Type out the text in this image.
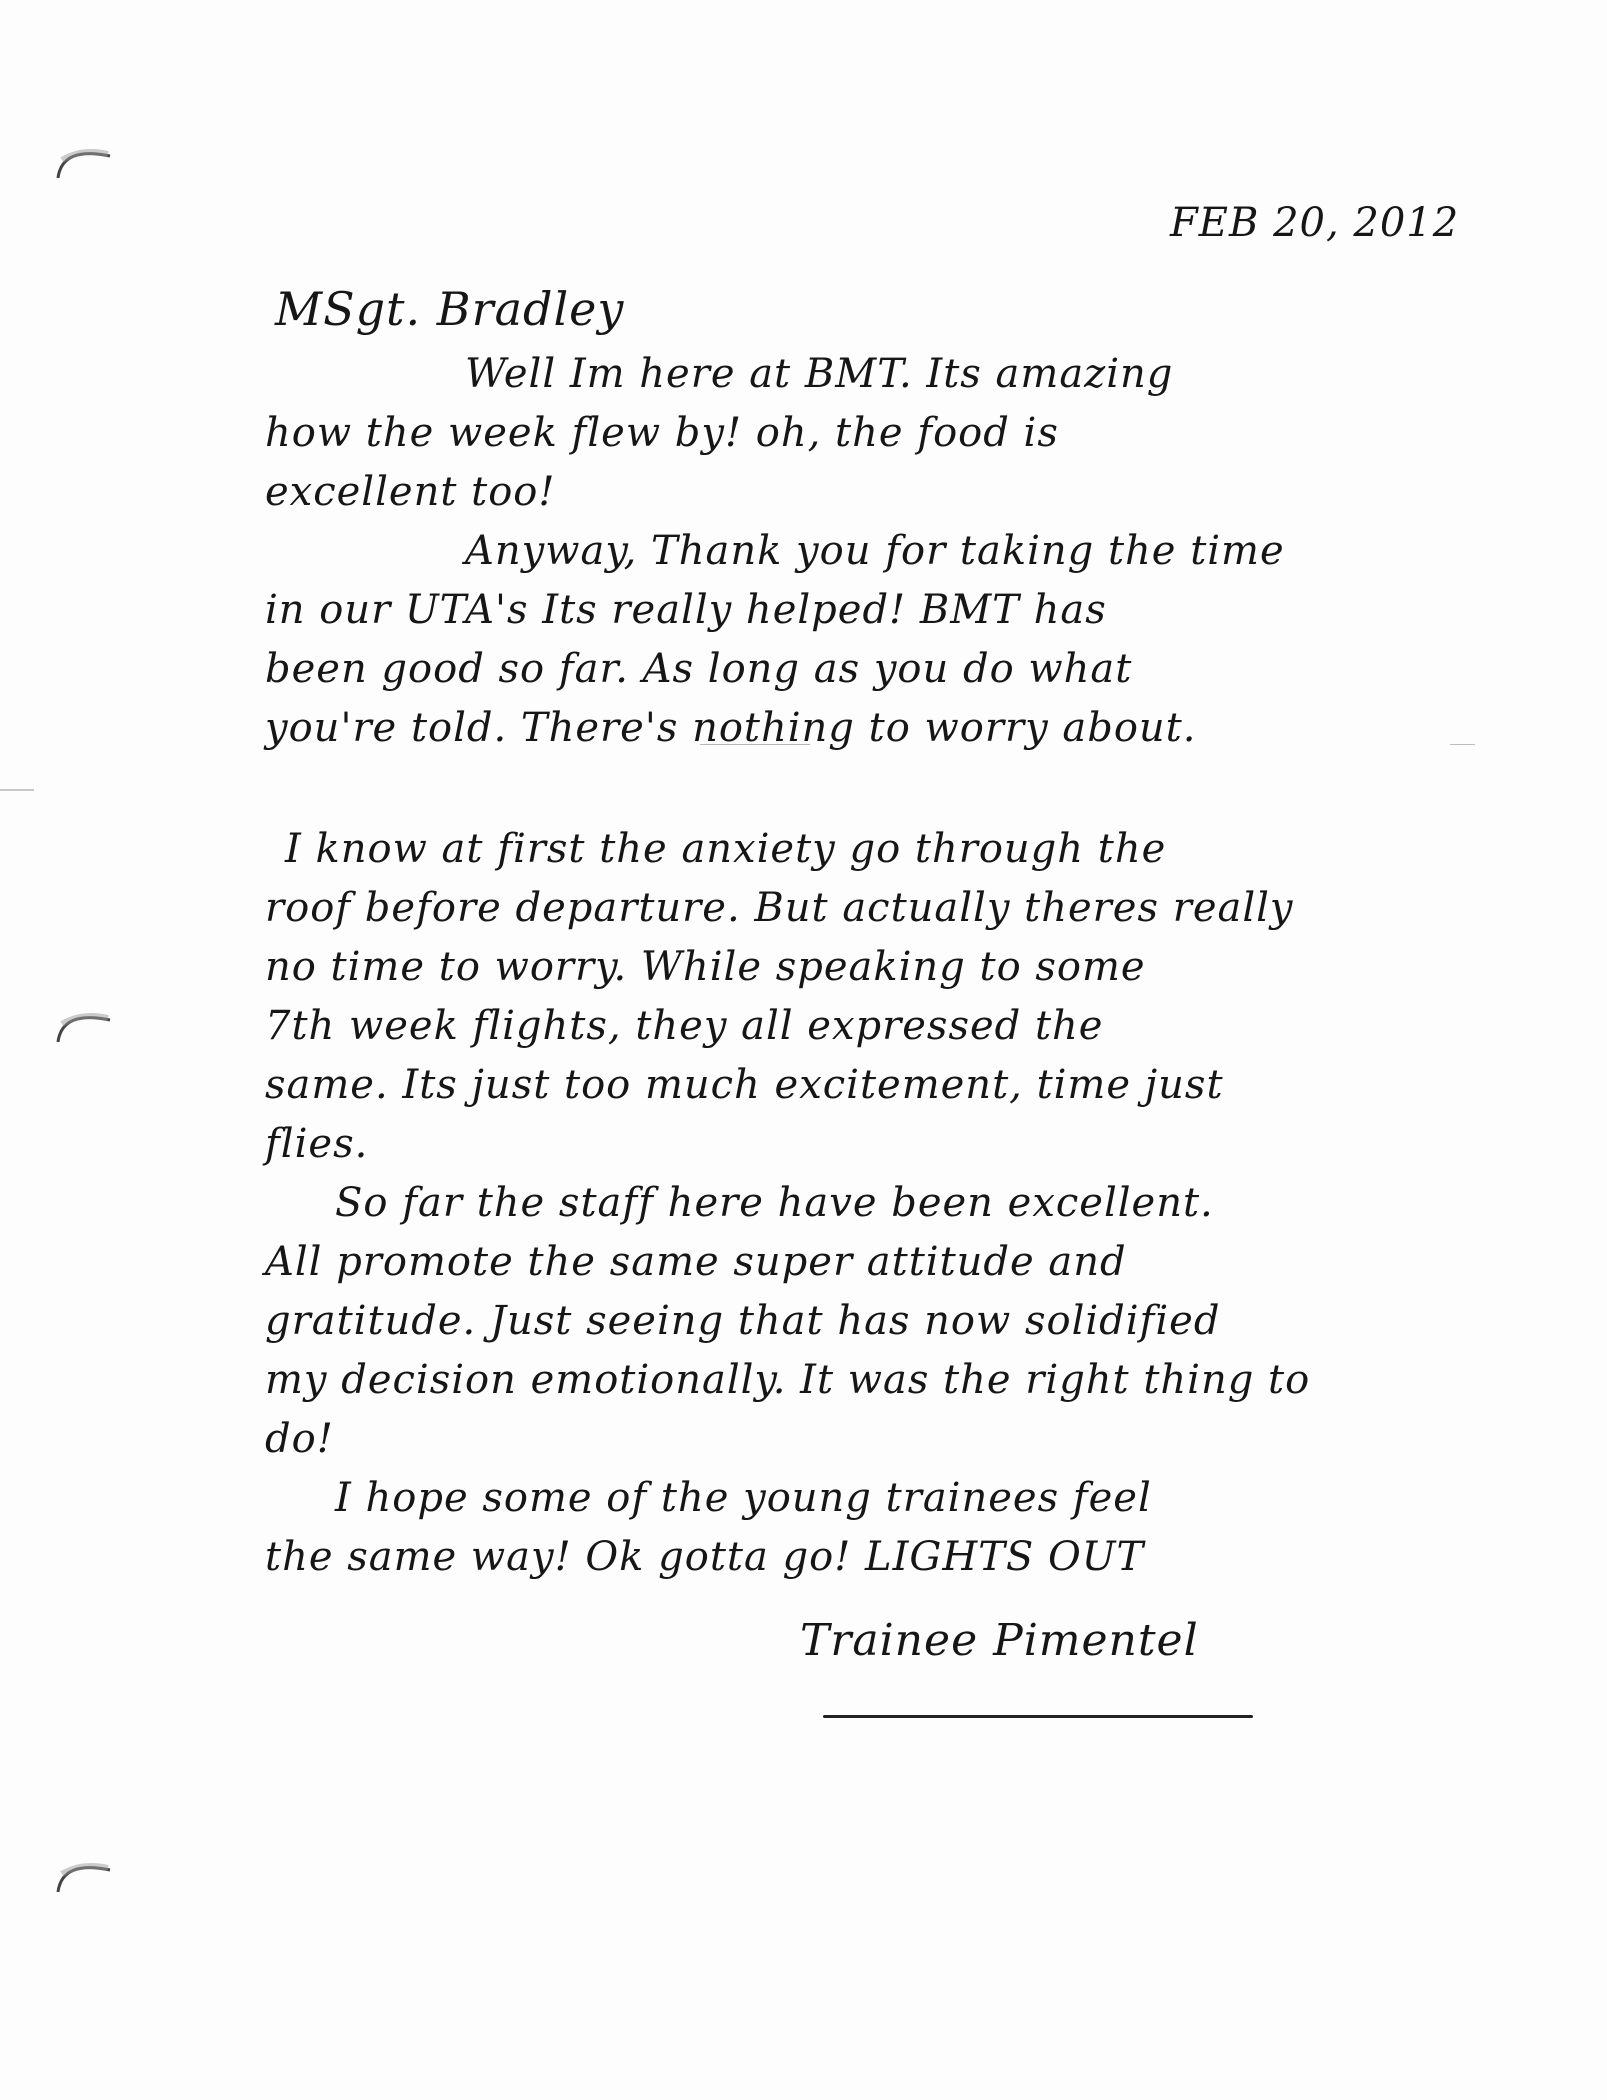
FEB 20, 2012

MSgt. Bradley

Well Im here at BMT. Its amazing
how the week flew by! oh, the food is
excellent too!
Anyway, Thank you for taking the time
in our UTA's Its really helped! BMT has
been good so far. As long as you do what
you're told. There's nothing to worry about.
I know at first the anxiety go through the
roof before departure. But actually theres really
no time to worry. While speaking to some
7th week flights, they all expressed the
same. Its just too much excitement, time just
flies.
So far the staff here have been excellent.
All promote the same super attitude and
gratitude. Just seeing that has now solidified
my decision emotionally. It was the right thing to
do!
I hope some of the young trainees feel
the same way! Ok gotta go! LIGHTS OUT

Trainee Pimentel
